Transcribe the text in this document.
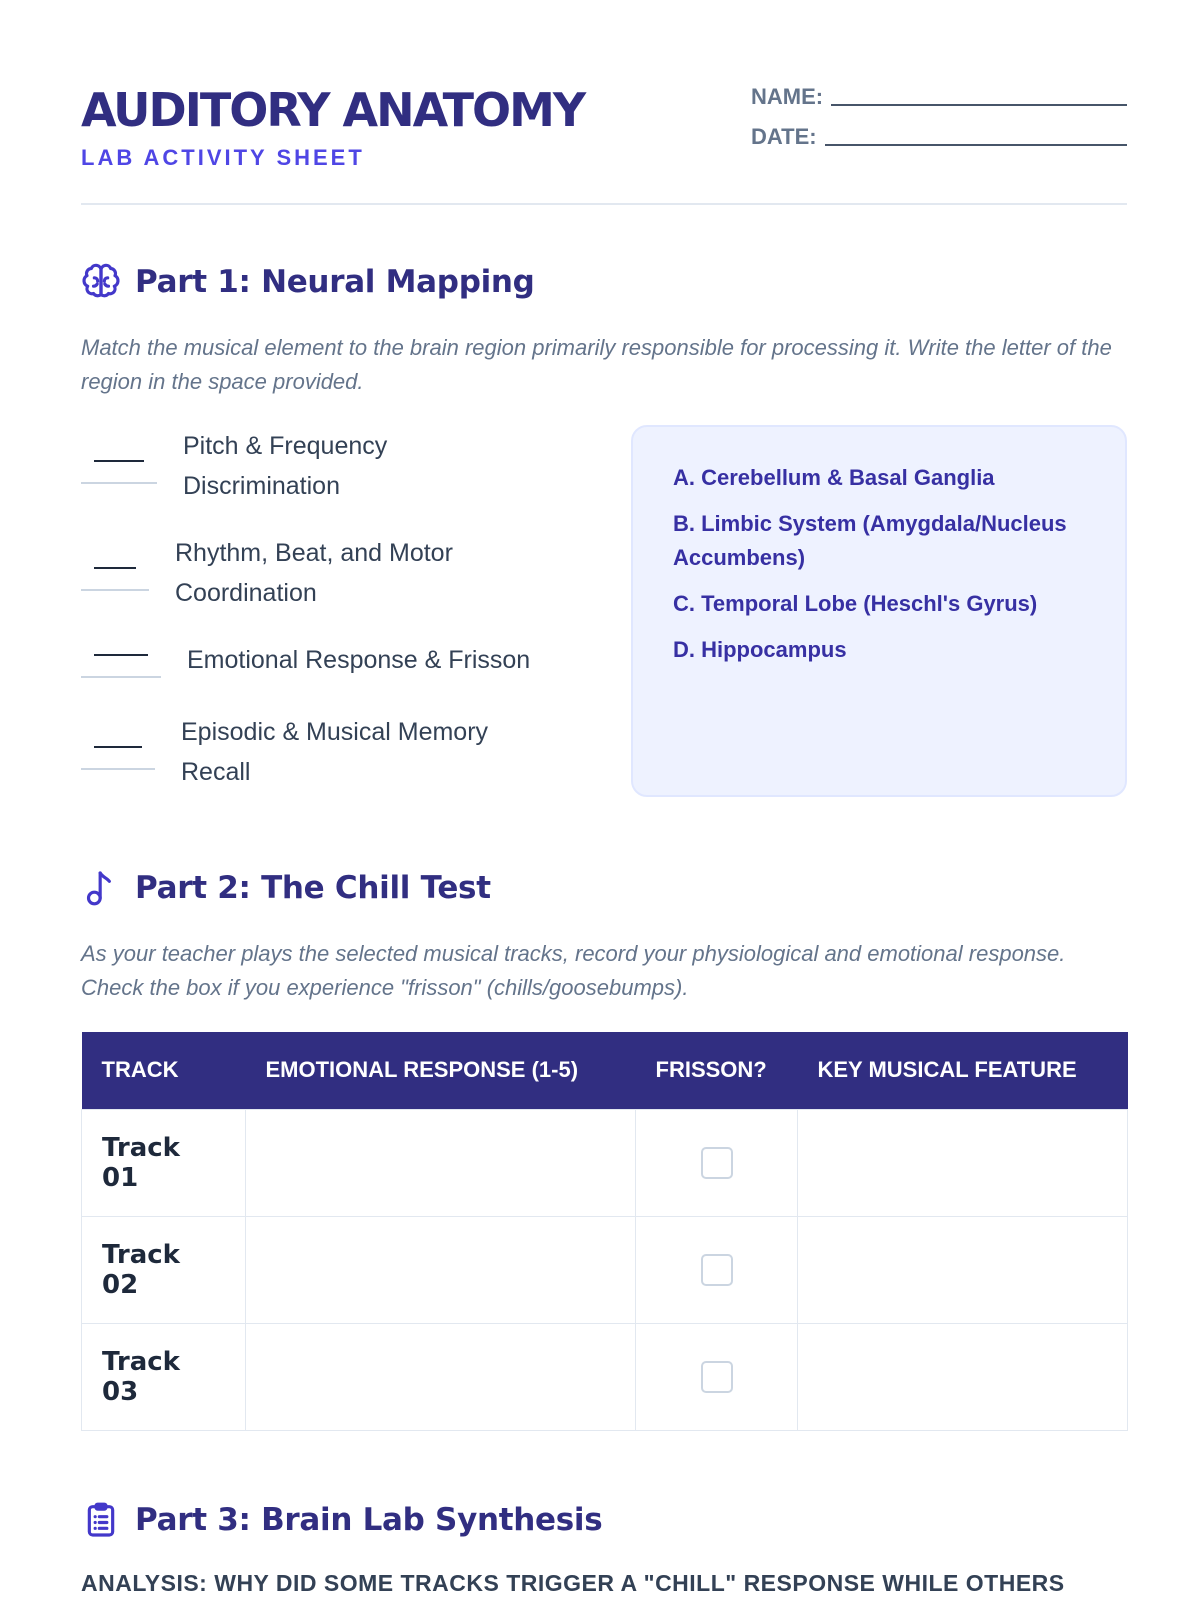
AUDITORY ANATOMY
LAB ACTIVITY SHEET
NAME:
DATE:
Part 1: Neural Mapping
Match the musical element to the brain region primarily responsible for processing it. Write the letter of the region in the space provided.
Pitch & Frequency Discrimination
Rhythm, Beat, and Motor Coordination
Emotional Response & Frisson
Episodic & Musical Memory Recall
A. Cerebellum & Basal Ganglia
B. Limbic System (Amygdala/Nucleus Accumbens)
C. Temporal Lobe (Heschl's Gyrus)
D. Hippocampus
Part 2: The Chill Test
As your teacher plays the selected musical tracks, record your physiological and emotional response. Check the box if you experience "frisson" (chills/goosebumps).
TRACK	EMOTIONAL RESPONSE (1-5)	FRISSON?	KEY MUSICAL FEATURE
Track 01			
Track 02			
Track 03			
Part 3: Brain Lab Synthesis
ANALYSIS: WHY DID SOME TRACKS TRIGGER A "CHILL" RESPONSE WHILE OTHERS
